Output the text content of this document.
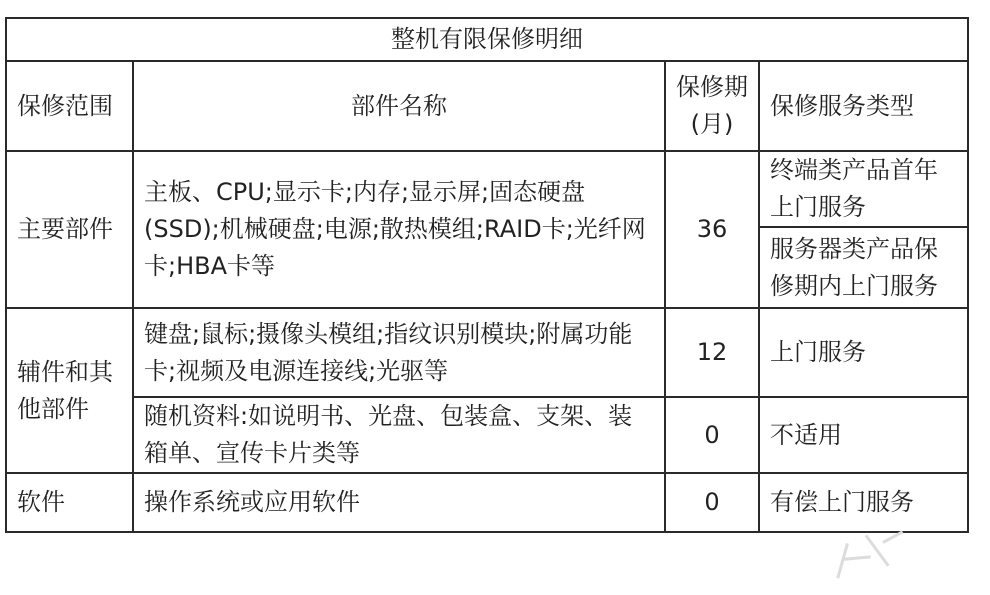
整机有限保修明细			
保修范围	部件名称	保修期(月)	保修服务类型
主要部件	主板、CPU;显示卡;内存;显示屏;固态硬盘(SSD);机械硬盘;电源;散热模组;RAID卡;光纤网卡;HBA卡等	36	终端类产品首年上门服务
			服务器类产品保修期内上门服务
辅件和其他部件	键盘;鼠标;摄像头模组;指纹识别模块;附属功能卡;视频及电源连接线;光驱等	12	上门服务
	随机资料:如说明书、光盘、包装盒、支架、装箱单、宣传卡片类等	0	不适用
软件	操作系统或应用软件	0	有偿上门服务
